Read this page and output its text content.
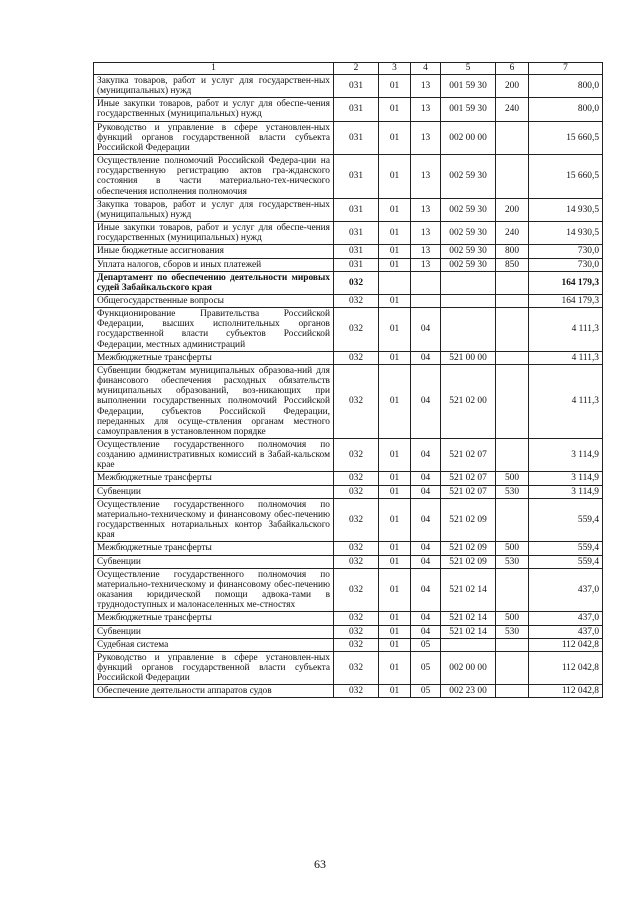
1	2	3	4	5	6	7
Закупка товаров, работ и услуг для государствен-ных (муниципальных) нужд	031	01	13	001 59 30	200	800,0
Иные закупки товаров, работ и услуг для обеспе-чения государственных (муниципальных) нужд	031	01	13	001 59 30	240	800,0
Руководство и управление в сфере установлен-ных функций органов государственной власти субъекта Российской Федерации	031	01	13	002 00 00		15 660,5
Осуществление полномочий Российской Федера-ции на государственную регистрацию актов гра-жданского состояния в части материально-тех-нического обеспечения исполнения полномочия	031	01	13	002 59 30		15 660,5
Закупка товаров, работ и услуг для государствен-ных (муниципальных) нужд	031	01	13	002 59 30	200	14 930,5
Иные закупки товаров, работ и услуг для обеспе-чения государственных (муниципальных) нужд	031	01	13	002 59 30	240	14 930,5
Иные бюджетные ассигнования	031	01	13	002 59 30	800	730,0
Уплата налогов, сборов и иных платежей	031	01	13	002 59 30	850	730,0
Департамент по обеспечению деятельности мировых судей Забайкальского края	032					164 179,3
Общегосударственные вопросы	032	01				164 179,3
Функционирование Правительства Российской Федерации, высших исполнительных органов государственной власти субъектов Российской Федерации, местных администраций	032	01	04			4 111,3
Межбюджетные трансферты	032	01	04	521 00 00		4 111,3
Субвенции бюджетам муниципальных образова-ний для финансового обеспечения расходных обязательств муниципальных образований, воз-никающих при выполнении государственных полномочий Российской Федерации, субъектов Российской Федерации, переданных для осуще-ствления органам местного самоуправления в установленном порядке	032	01	04	521 02 00		4 111,3
Осуществление государственного полномочия по созданию административных комиссий в Забай-кальском крае	032	01	04	521 02 07		3 114,9
Межбюджетные трансферты	032	01	04	521 02 07	500	3 114,9
Субвенции	032	01	04	521 02 07	530	3 114,9
Осуществление государственного полномочия по материально-техническому и финансовому обес-печению государственных нотариальных контор Забайкальского края	032	01	04	521 02 09		559,4
Межбюджетные трансферты	032	01	04	521 02 09	500	559,4
Субвенции	032	01	04	521 02 09	530	559,4
Осуществление государственного полномочия по материально-техническому и финансовому обес-печению оказания юридической помощи адвока-тами в труднодоступных и малонаселенных ме-стностях	032	01	04	521 02 14		437,0
Межбюджетные трансферты	032	01	04	521 02 14	500	437,0
Субвенции	032	01	04	521 02 14	530	437,0
Судебная система	032	01	05			112 042,8
Руководство и управление в сфере установлен-ных функций органов государственной власти субъекта Российской Федерации	032	01	05	002 00 00		112 042,8
Обеспечение деятельности аппаратов судов	032	01	05	002 23 00		112 042,8
63
